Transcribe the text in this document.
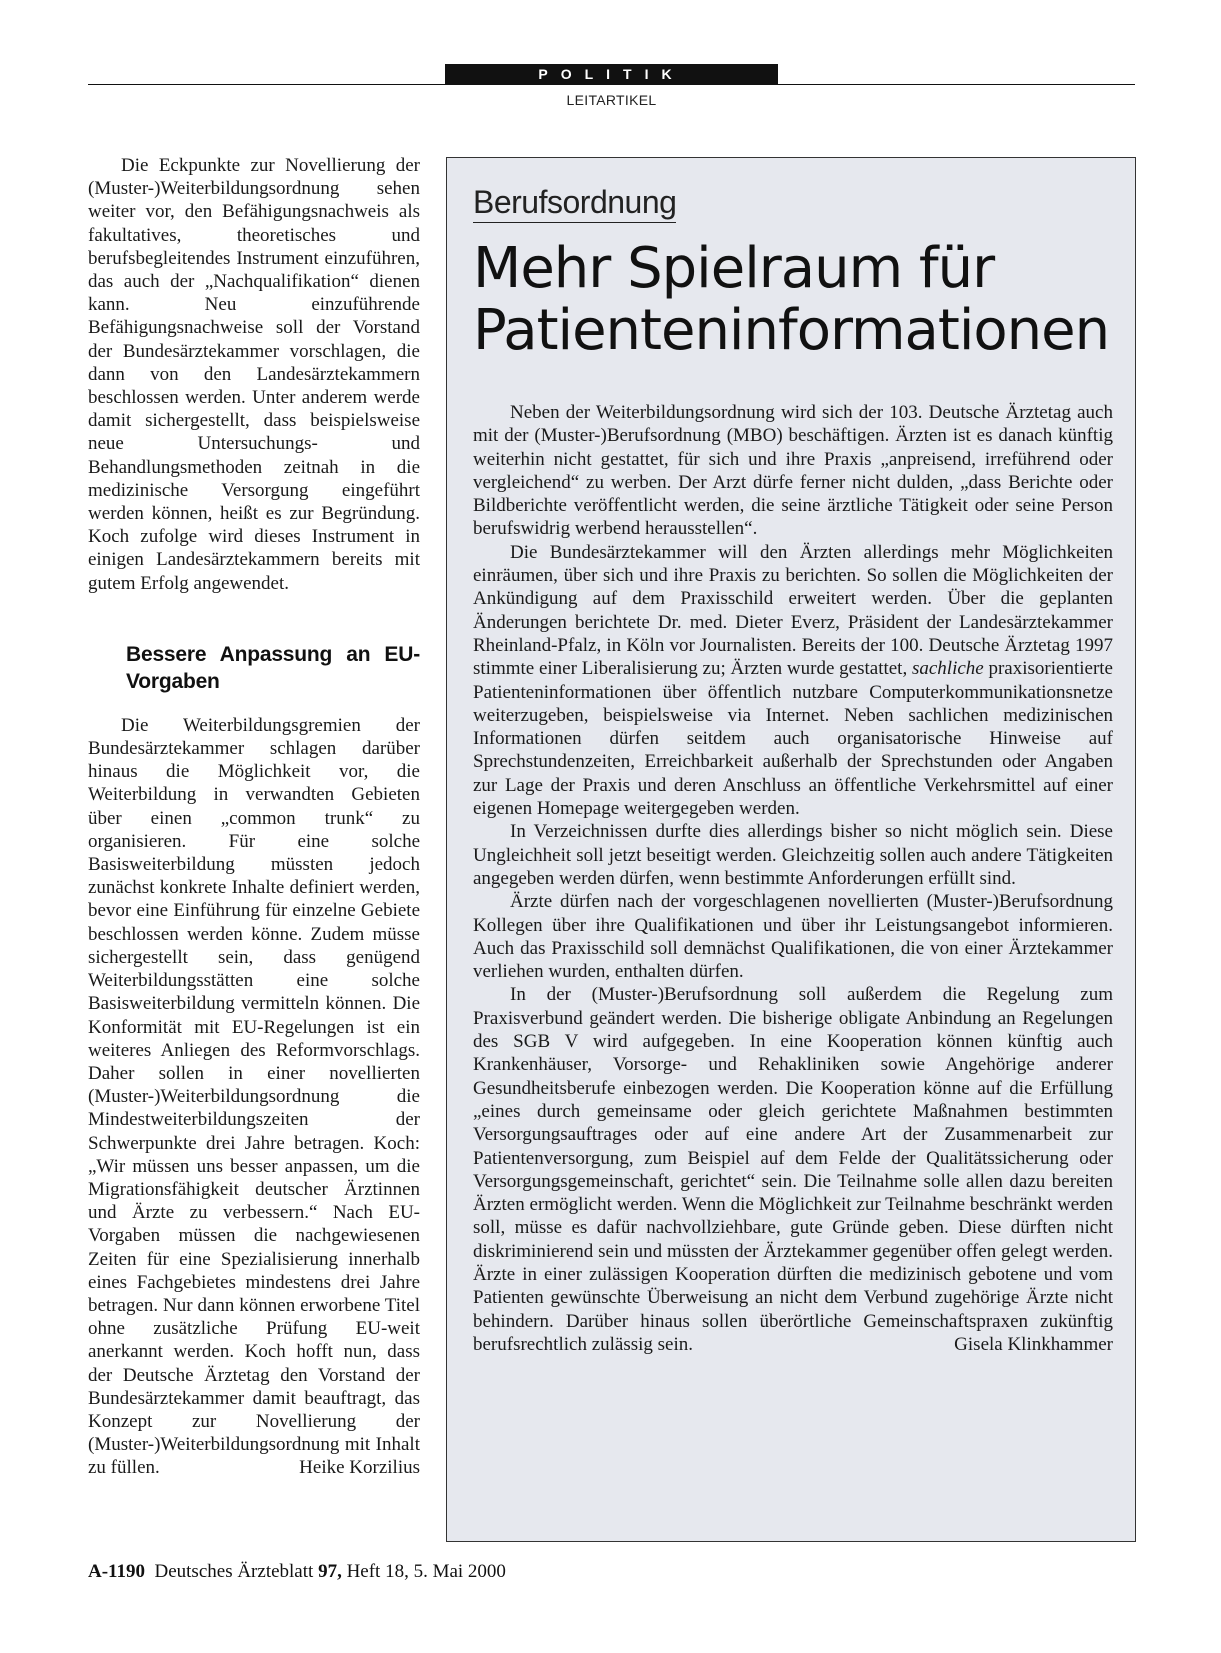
POLITIK
LEITARTIKEL

Die Eckpunkte zur Novellierung der (Muster-)Weiterbildungsordnung sehen weiter vor, den Befähigungsnachweis als fakultatives, theoretisches und berufsbegleitendes Instrument einzuführen, das auch der „Nachqualifikation“ dienen kann. Neu einzuführende Befähigungsnachweise soll der Vorstand der Bundesärztekammer vorschlagen, die dann von den Landesärztekammern beschlossen werden. Unter anderem werde damit sichergestellt, dass beispielsweise neue Untersuchungs- und Behandlungsmethoden zeitnah in die medizinische Versorgung eingeführt werden können, heißt es zur Begründung. Koch zufolge wird dieses Instrument in einigen Landesärztekammern bereits mit gutem Erfolg angewendet.

Bessere Anpassung an EU-Vorgaben

Die Weiterbildungsgremien der Bundesärztekammer schlagen darüber hinaus die Möglichkeit vor, die Weiterbildung in verwandten Gebieten über einen „common trunk“ zu organisieren. Für eine solche Basisweiterbildung müssten jedoch zunächst konkrete Inhalte definiert werden, bevor eine Einführung für einzelne Gebiete beschlossen werden könne. Zudem müsse sichergestellt sein, dass genügend Weiterbildungsstätten eine solche Basisweiterbildung vermitteln können. Die Konformität mit EU-Regelungen ist ein weiteres Anliegen des Reformvorschlags. Daher sollen in einer novellierten (Muster-)Weiterbildungsordnung die Mindestweiterbildungszeiten der Schwerpunkte drei Jahre betragen. Koch: „Wir müssen uns besser anpassen, um die Migrationsfähigkeit deutscher Ärztinnen und Ärzte zu verbessern.“ Nach EU-Vorgaben müssen die nachgewiesenen Zeiten für eine Spezialisierung innerhalb eines Fachgebietes mindestens drei Jahre betragen. Nur dann können erworbene Titel ohne zusätzliche Prüfung EU-weit anerkannt werden. Koch hofft nun, dass der Deutsche Ärztetag den Vorstand der Bundesärztekammer damit beauftragt, das Konzept zur Novellierung der (Muster-)Weiterbildungsordnung mit Inhalt zu füllen.	Heike Korzilius

Berufsordnung
Mehr Spielraum für Patienteninformationen

Neben der Weiterbildungsordnung wird sich der 103. Deutsche Ärztetag auch mit der (Muster-)Berufsordnung (MBO) beschäftigen. Ärzten ist es danach künftig weiterhin nicht gestattet, für sich und ihre Praxis „anpreisend, irreführend oder vergleichend“ zu werben. Der Arzt dürfe ferner nicht dulden, „dass Berichte oder Bildberichte veröffentlicht werden, die seine ärztliche Tätigkeit oder seine Person berufswidrig werbend herausstellen“.

Die Bundesärztekammer will den Ärzten allerdings mehr Möglichkeiten einräumen, über sich und ihre Praxis zu berichten. So sollen die Möglichkeiten der Ankündigung auf dem Praxisschild erweitert werden. Über die geplanten Änderungen berichtete Dr. med. Dieter Everz, Präsident der Landesärztekammer Rheinland-Pfalz, in Köln vor Journalisten. Bereits der 100. Deutsche Ärztetag 1997 stimmte einer Liberalisierung zu; Ärzten wurde gestattet, sachliche praxisorientierte Patienteninformationen über öffentlich nutzbare Computerkommunikationsnetze weiterzugeben, beispielsweise via Internet. Neben sachlichen medizinischen Informationen dürfen seitdem auch organisatorische Hinweise auf Sprechstundenzeiten, Erreichbarkeit außerhalb der Sprechstunden oder Angaben zur Lage der Praxis und deren Anschluss an öffentliche Verkehrsmittel auf einer eigenen Homepage weitergegeben werden.

In Verzeichnissen durfte dies allerdings bisher so nicht möglich sein. Diese Ungleichheit soll jetzt beseitigt werden. Gleichzeitig sollen auch andere Tätigkeiten angegeben werden dürfen, wenn bestimmte Anforderungen erfüllt sind.

Ärzte dürfen nach der vorgeschlagenen novellierten (Muster-)Berufsordnung Kollegen über ihre Qualifikationen und über ihr Leistungsangebot informieren. Auch das Praxisschild soll demnächst Qualifikationen, die von einer Ärztekammer verliehen wurden, enthalten dürfen.

In der (Muster-)Berufsordnung soll außerdem die Regelung zum Praxisverbund geändert werden. Die bisherige obligate Anbindung an Regelungen des SGB V wird aufgegeben. In eine Kooperation können künftig auch Krankenhäuser, Vorsorge- und Rehakliniken sowie Angehörige anderer Gesundheitsberufe einbezogen werden. Die Kooperation könne auf die Erfüllung „eines durch gemeinsame oder gleich gerichtete Maßnahmen bestimmten Versorgungsauftrages oder auf eine andere Art der Zusammenarbeit zur Patientenversorgung, zum Beispiel auf dem Felde der Qualitätssicherung oder Versorgungsgemeinschaft, gerichtet“ sein. Die Teilnahme solle allen dazu bereiten Ärzten ermöglicht werden. Wenn die Möglichkeit zur Teilnahme beschränkt werden soll, müsse es dafür nachvollziehbare, gute Gründe geben. Diese dürften nicht diskriminierend sein und müssten der Ärztekammer gegenüber offen gelegt werden. Ärzte in einer zulässigen Kooperation dürften die medizinisch gebotene und vom Patienten gewünschte Überweisung an nicht dem Verbund zugehörige Ärzte nicht behindern. Darüber hinaus sollen überörtliche Gemeinschaftspraxen zukünftig berufsrechtlich zulässig sein.	Gisela Klinkhammer

A-1190 Deutsches Ärzteblatt 97, Heft 18, 5. Mai 2000
